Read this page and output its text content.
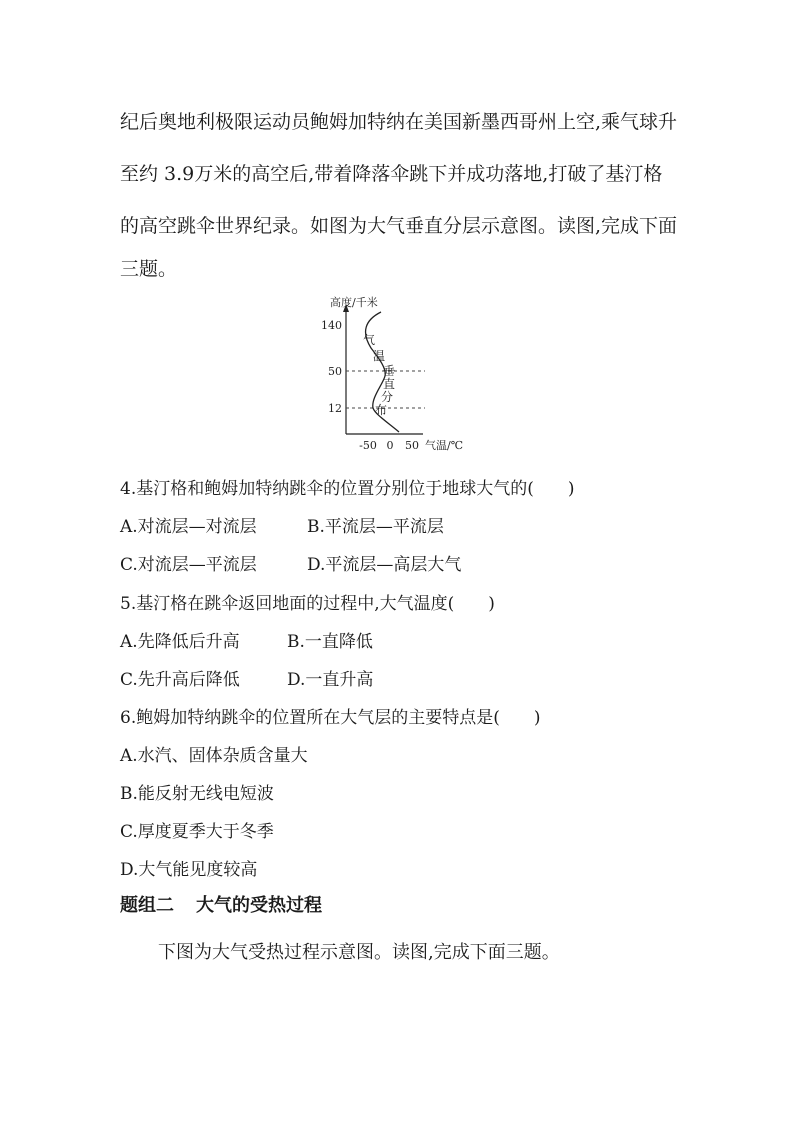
纪后奥地利极限运动员鲍姆加特纳在美国新墨西哥州上空,乘气球升

至约 3.9万米的高空后,带着降落伞跳下并成功落地,打破了基汀格

的高空跳伞世界纪录。如图为大气垂直分层示意图。读图,完成下面

三题。

高度/千米
气温/℃
140
50
12
-50 0 50
气
温
垂
直
分
布
4.基汀格和鲍姆加特纳跳伞的位置分别位于地球大气的(　　)
A.对流层—对流层	B.平流层—平流层
C.对流层—平流层	D.平流层—高层大气
5.基汀格在跳伞返回地面的过程中,大气温度(　　)
A.先降低后升高	B.一直降低
C.先升高后降低	D.一直升高
6.鲍姆加特纳跳伞的位置所在大气层的主要特点是(　　)
A.水汽、固体杂质含量大
B.能反射无线电短波
C.厚度夏季大于冬季
D.大气能见度较高
题组二 大气的受热过程
下图为大气受热过程示意图。读图,完成下面三题。
